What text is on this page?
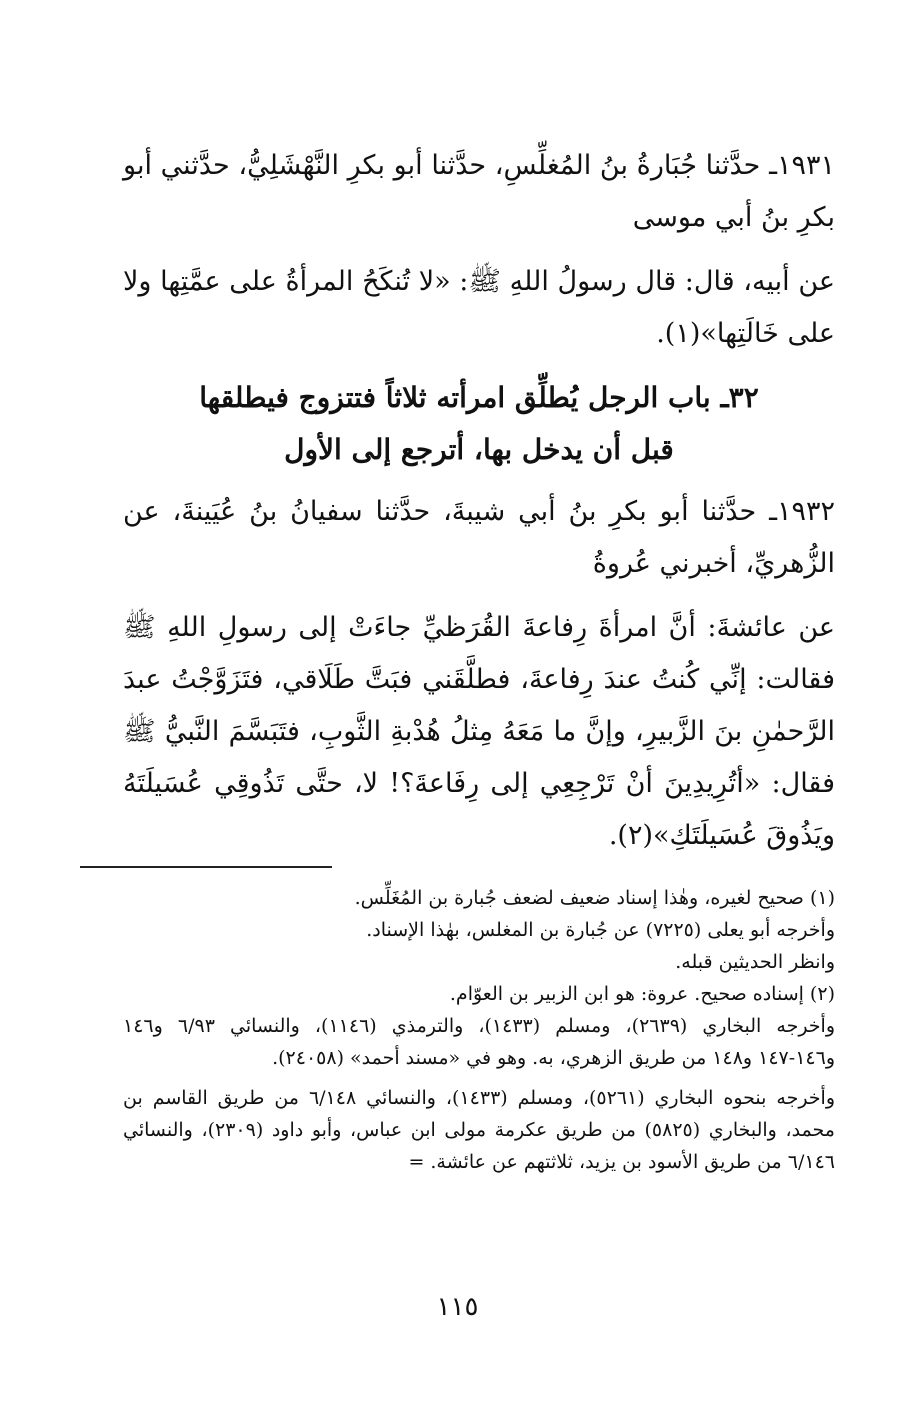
١٩٣١ـ حدَّثنا جُبَارةُ بنُ المُغلِّسِ، حدَّثنا أبو بكرِ النَّهْشَلِيُّ، حدَّثني أبو بكرِ بنُ أبي موسى

عن أبيه، قال: قال رسولُ اللهِ ﷺ: «لا تُنكَحُ المرأةُ على عمَّتِها ولا على خَالَتِها»(١).

٣٢ـ باب الرجل يُطلِّق امرأته ثلاثاً فتتزوج فيطلقها
قبل أن يدخل بها، أترجع إلى الأول

١٩٣٢ـ حدَّثنا أبو بكرِ بنُ أبي شيبةَ، حدَّثنا سفيانُ بنُ عُيَينةَ، عن الزُّهريِّ، أخبرني عُروةُ

عن عائشةَ: أنَّ امرأةَ رِفاعةَ القُرَظيِّ جاءَتْ إلى رسولِ اللهِ ﷺ فقالت: إنِّي كُنتُ عندَ رِفاعةَ، فطلَّقَني فبَتَّ طَلَاقي، فتَزَوَّجْتُ عبدَ الرَّحمٰنِ بنَ الزَّبيرِ، وإنَّ ما مَعَهُ مِثلُ هُدْبةِ الثَّوبِ، فتَبَسَّمَ النَّبيُّ ﷺ فقال: «أتُرِيدِينَ أنْ تَرْجِعِي إلى رِفَاعةَ؟! لا، حتَّى تَذُوقِي عُسَيلَتَهُ ويَذُوقَ عُسَيلَتَكِ»(٢).

(١) صحيح لغيره، وهٰذا إسناد ضعيف لضعف جُبارة بن المُغَلِّس.

وأخرجه أبو يعلى (٧٢٢٥) عن جُبارة بن المغلس، بهٰذا الإسناد.

وانظر الحديثين قبله.

(٢) إسناده صحيح. عروة: هو ابن الزبير بن العوّام.

وأخرجه البخاري (٢٦٣٩)، ومسلم (١٤٣٣)، والترمذي (١١٤٦)، والنسائي ٦/٩٣ و١٤٦ و١٤٦-١٤٧ و١٤٨ من طريق الزهري، به. وهو في «مسند أحمد» (٢٤٠٥٨).

وأخرجه بنحوه البخاري (٥٢٦١)، ومسلم (١٤٣٣)، والنسائي ٦/١٤٨ من طريق القاسم بن محمد، والبخاري (٥٨٢٥) من طريق عكرمة مولى ابن عباس، وأبو داود (٢٣٠٩)، والنسائي ٦/١٤٦ من طريق الأسود بن يزيد، ثلاثتهم عن عائشة. =

١١٥
